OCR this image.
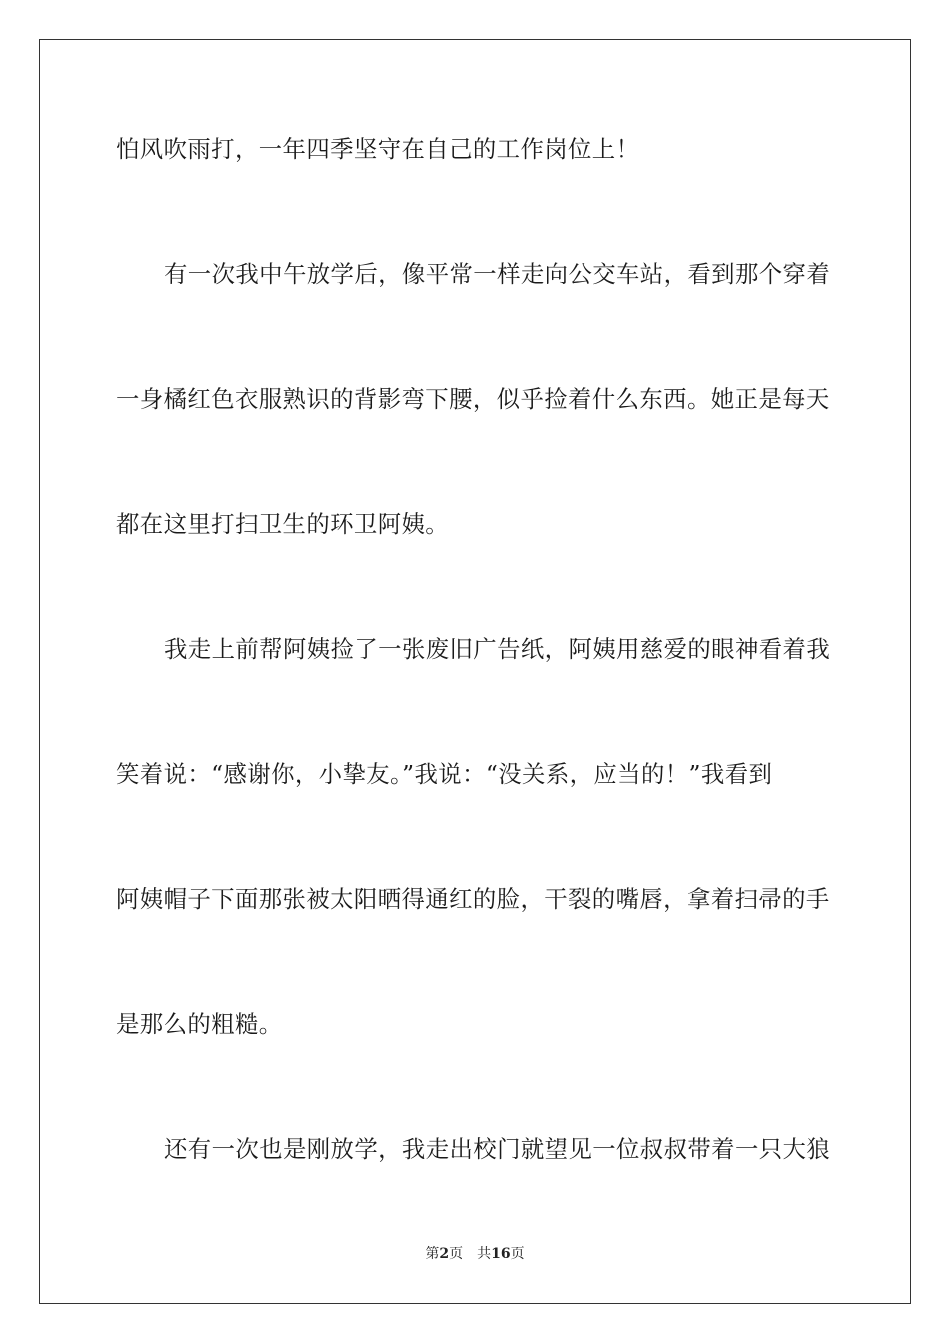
怕风吹雨打，一年四季坚守在自己的工作岗位上！
有一次我中午放学后，像平常一样走向公交车站，看到那个穿着
一身橘红色衣服熟识的背影弯下腰，似乎捡着什么东西。她正是每天
都在这里打扫卫生的环卫阿姨。
我走上前帮阿姨捡了一张废旧广告纸，阿姨用慈爱的眼神看着我
笑着说：“感谢你，小挚友。”我说：“没关系，应当的！”我看到
阿姨帽子下面那张被太阳晒得通红的脸，干裂的嘴唇，拿着扫帚的手
是那么的粗糙。
还有一次也是刚放学，我走出校门就望见一位叔叔带着一只大狼
第2页 共16页
